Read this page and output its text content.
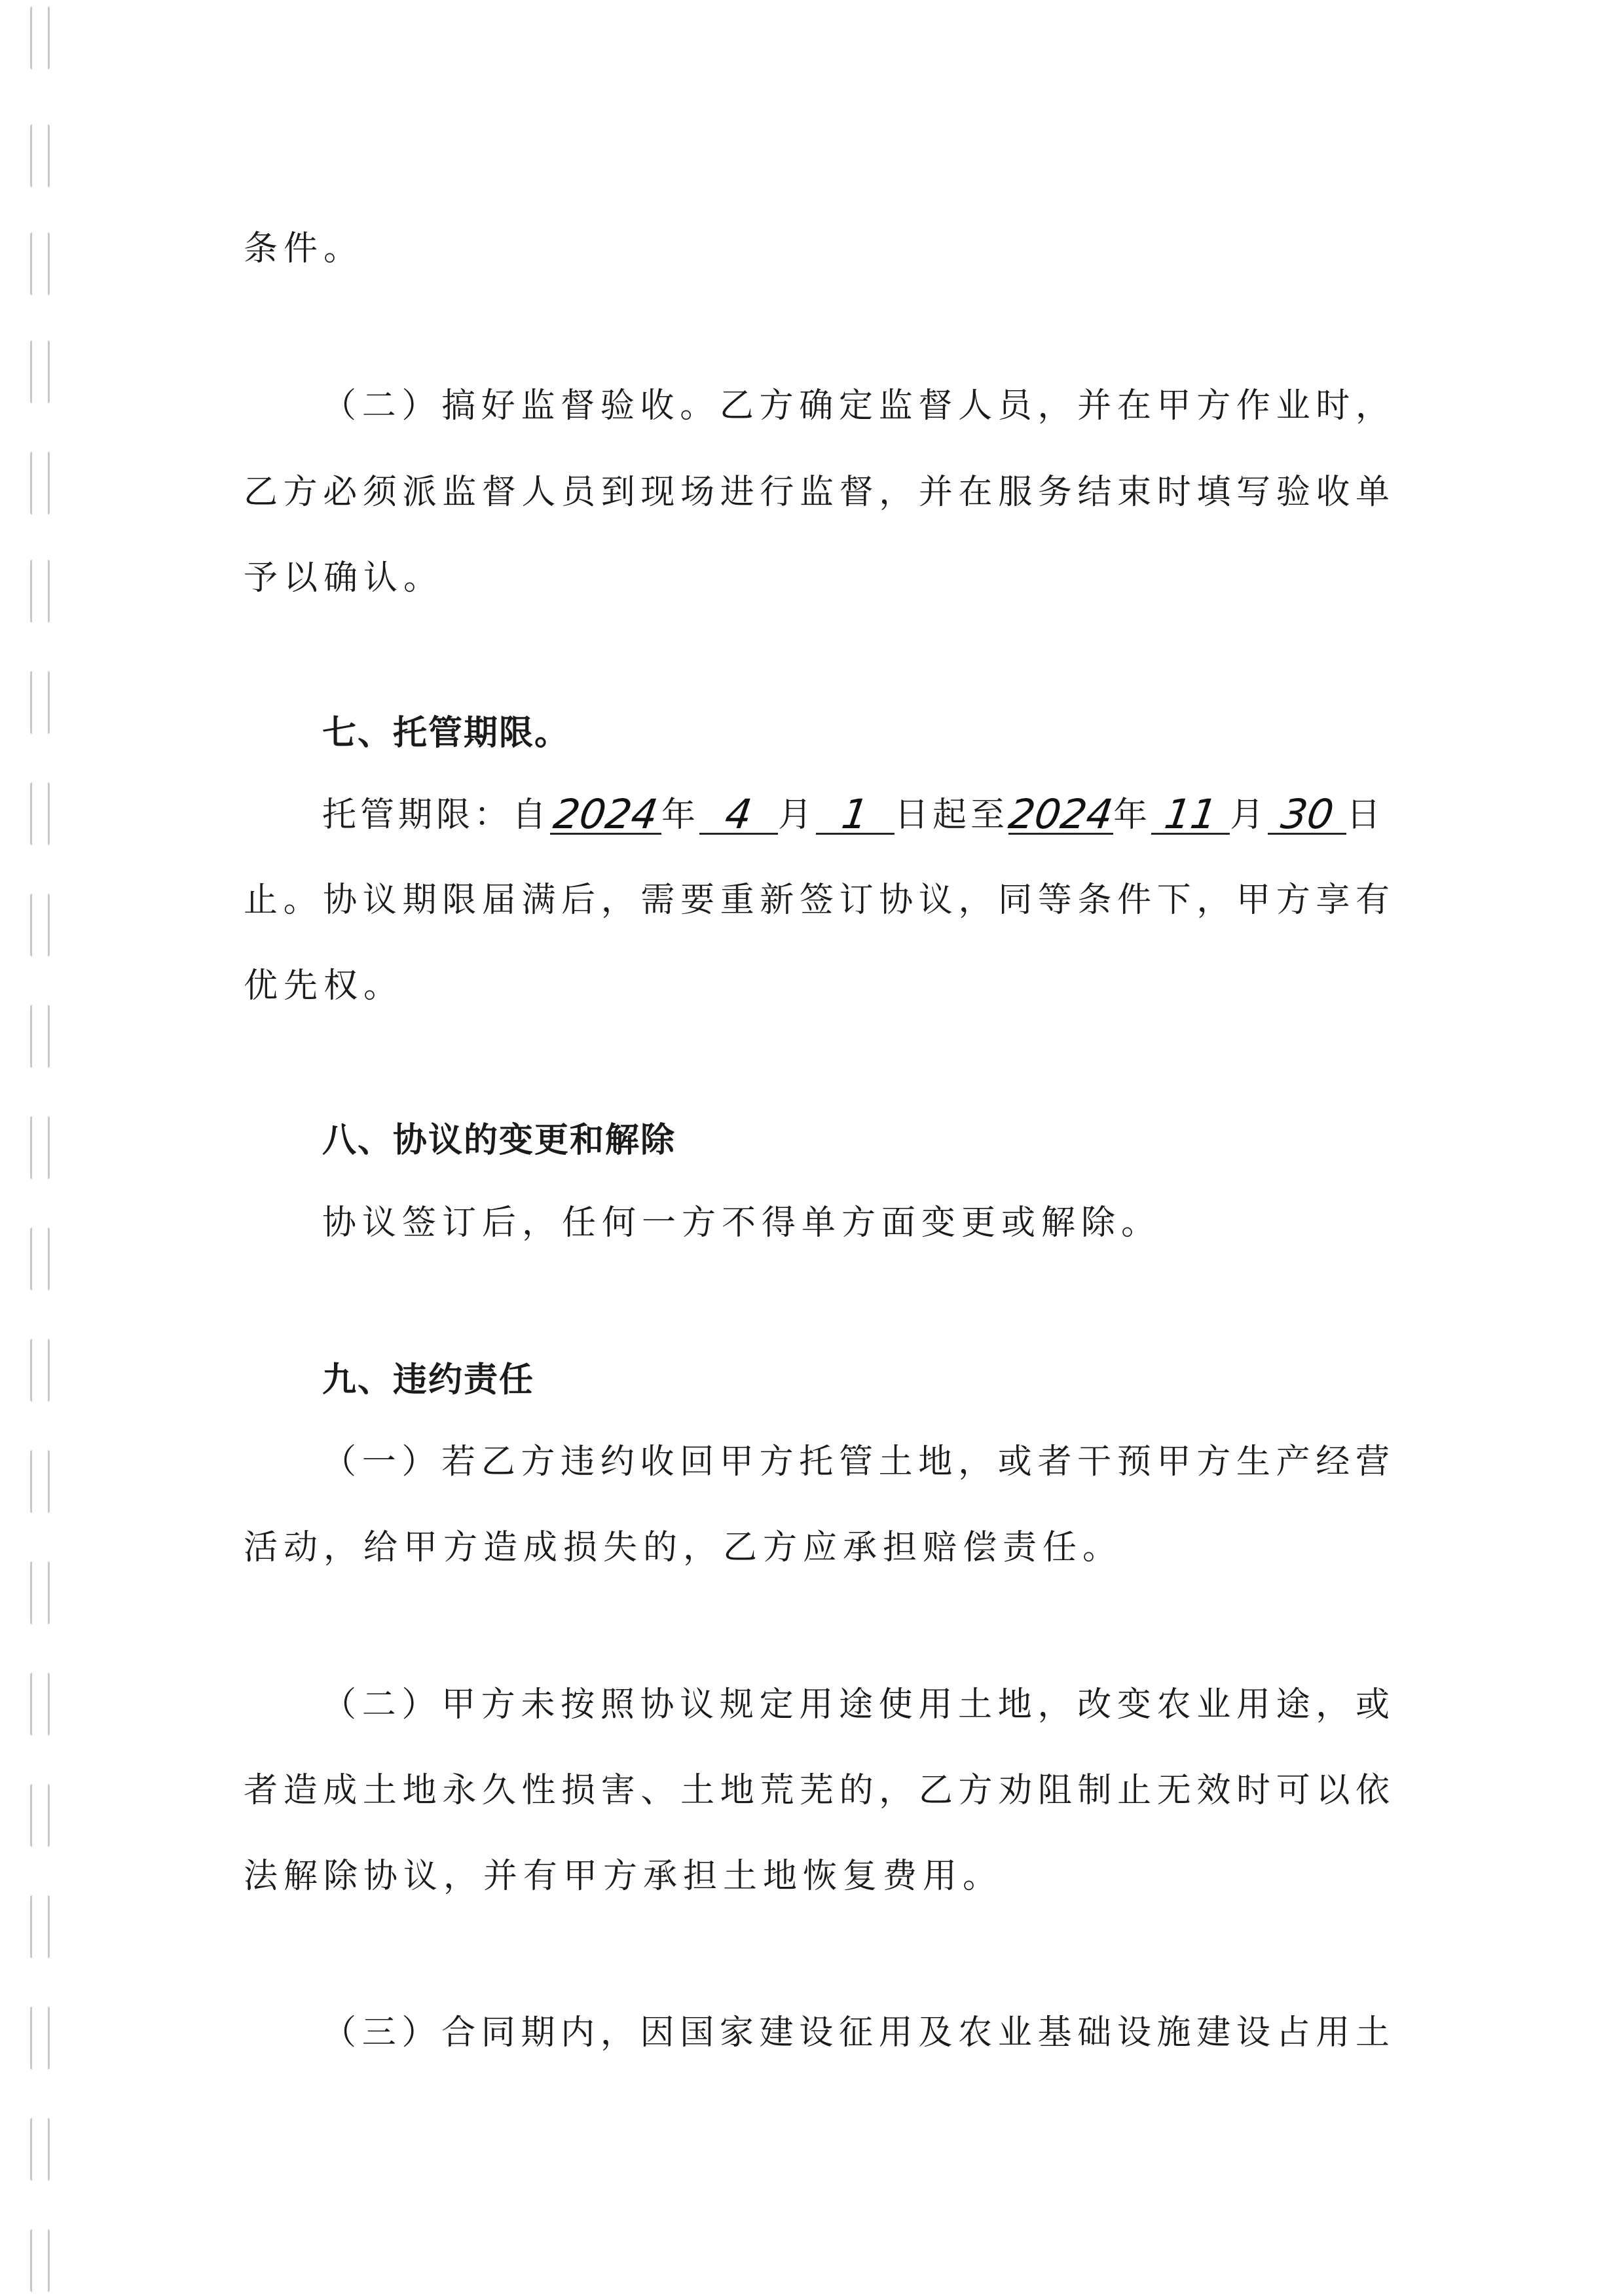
条件。
（二）搞好监督验收。乙方确定监督人员，并在甲方作业时，
乙方必须派监督人员到现场进行监督，并在服务结束时填写验收单
予以确认。
七、托管期限。
托管期限：自2024年 4 月 1 日起至2024年 11 月 30 日
止。协议期限届满后，需要重新签订协议，同等条件下，甲方享有
优先权。
八、协议的变更和解除
协议签订后，任何一方不得单方面变更或解除。
九、违约责任
（一）若乙方违约收回甲方托管土地，或者干预甲方生产经营
活动，给甲方造成损失的，乙方应承担赔偿责任。
（二）甲方未按照协议规定用途使用土地，改变农业用途，或
者造成土地永久性损害、土地荒芜的，乙方劝阻制止无效时可以依
法解除协议，并有甲方承担土地恢复费用。
（三）合同期内，因国家建设征用及农业基础设施建设占用土
